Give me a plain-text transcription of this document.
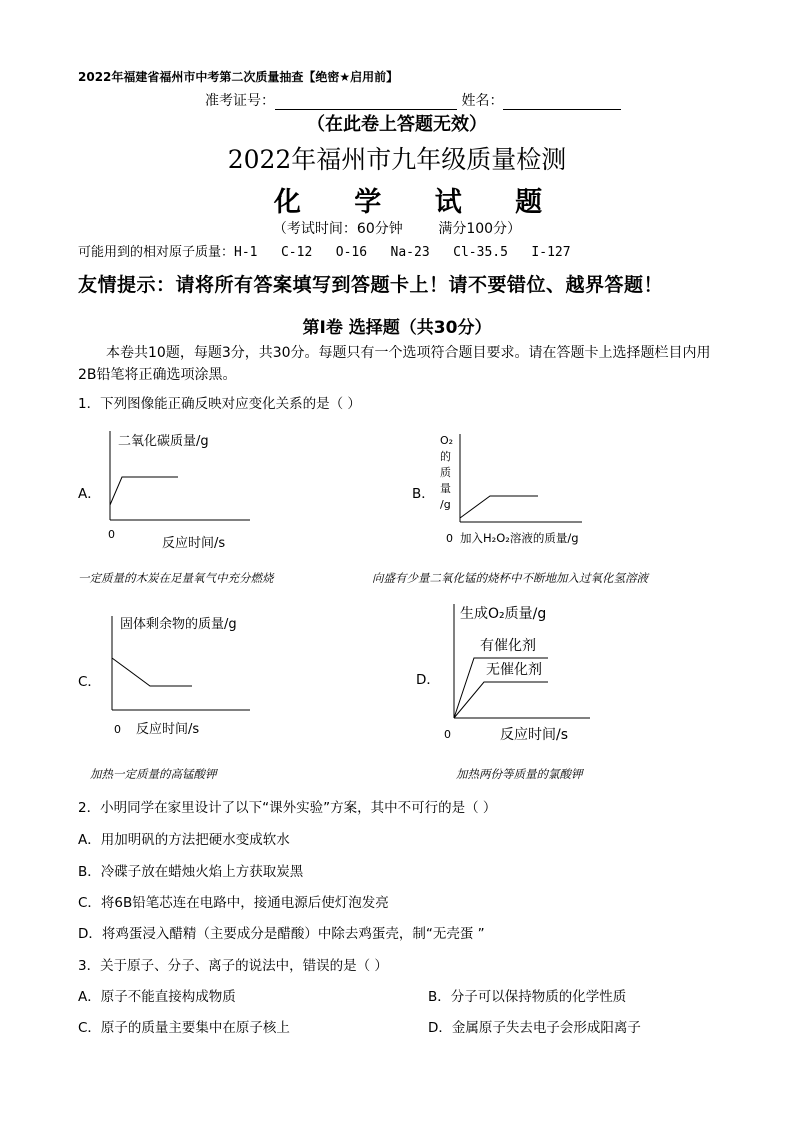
2022年福建省福州市中考第二次质量抽查【绝密★启用前】
准考证号：	姓名：
（在此卷上答题无效）
2022年福州市九年级质量检测
化 学 试 题
（考试时间：60分钟        满分100分）
可能用到的相对原子质量：H-1   C-12   O-16   Na-23   Cl-35.5   I-127
友情提示：请将所有答案填写到答题卡上！请不要错位、越界答题！
第Ⅰ卷 选择题（共30分）
本卷共10题，每题3分，共30分。每题只有一个选项符合题目要求。请在答题卡上选择题栏目内用2B铅笔将正确选项涂黑。
1．下列图像能正确反映对应变化关系的是（ ）
A．
二氧化碳质量/g
0
反应时间/s
一定质量的木炭在足量氧气中充分燃烧
B．
O₂
的
质
量
/g
0 加入H₂O₂溶液的质量/g
向盛有少量二氧化锰的烧杯中不断地加入过氧化氢溶液
C．
固体剩余物的质量/g
0 反应时间/s
加热一定质量的高锰酸钾
D．
生成O₂质量/g
有催化剂
无催化剂
0	反应时间/s
加热两份等质量的氯酸钾
2．小明同学在家里设计了以下“课外实验”方案，其中不可行的是（ ）
A．用加明矾的方法把硬水变成软水
B．冷碟子放在蜡烛火焰上方获取炭黑
C．将6B铅笔芯连在电路中，接通电源后使灯泡发亮
D．将鸡蛋浸入醋精（主要成分是醋酸）中除去鸡蛋壳，制“无壳蛋 ”
3．关于原子、分子、离子的说法中，错误的是（ ）
A．原子不能直接构成物质	B．分子可以保持物质的化学性质
C．原子的质量主要集中在原子核上	D．金属原子失去电子会形成阳离子
